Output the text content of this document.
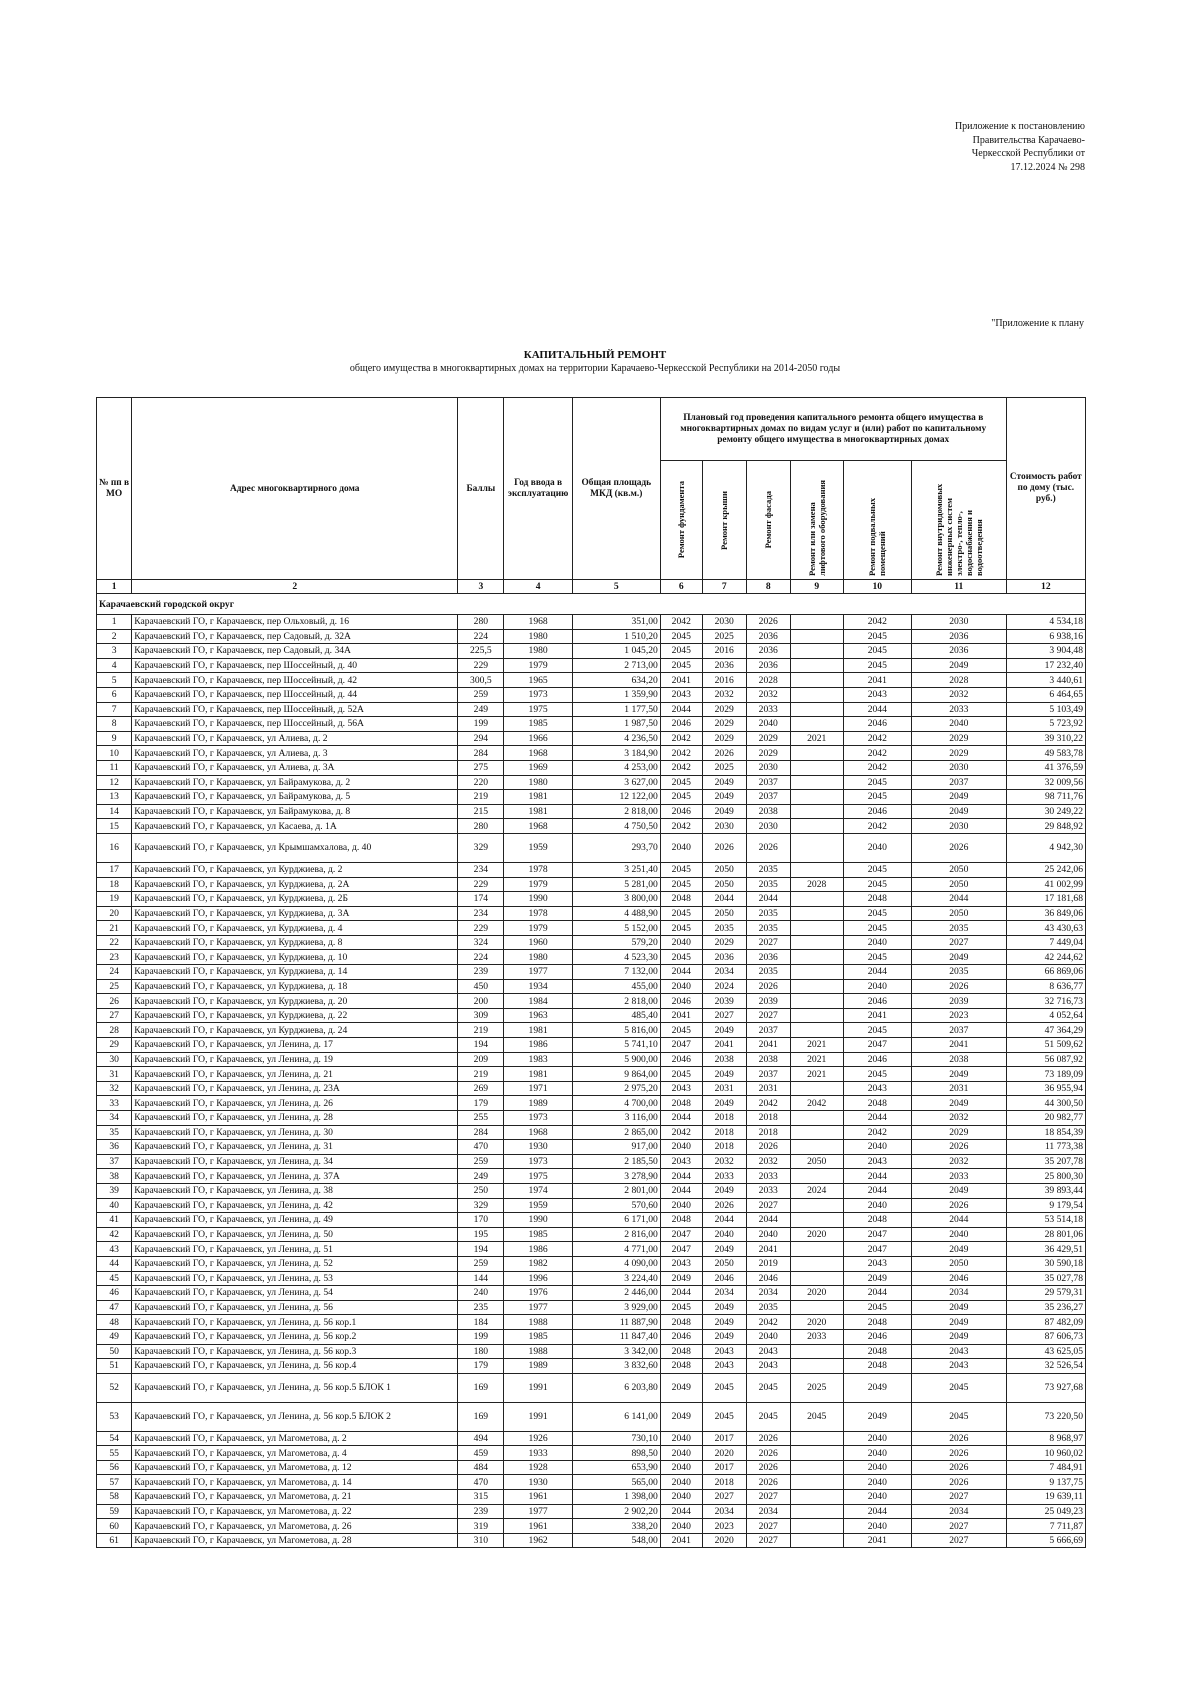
Приложение к постановлению
Правительства Карачаево-
Черкесской Республики от
17.12.2024 № 298
"Приложение к плану
КАПИТАЛЬНЫЙ РЕМОНТ
общего имущества в многоквартирных домах на территории Карачаево-Черкесской Республики на 2014-2050 годы
№ пп в МО	Адрес многоквартирного дома	Баллы	Год ввода в эксплуатацию	Общая площадь МКД (кв.м.)	Плановый год проведения капитального ремонта общего имущества в многоквартирных домах по видам услуг и (или) работ по капитальному ремонту общего имущества в многоквартирных домах						Стоимость работ по дому (тыс. руб.)

					Ремонт фундамента	Ремонт крыши	Ремонт фасада	Ремонт или замена лифтового оборудования	Ремонт подвальных помещений	Ремонт внутридомовых инженерных систем электро-, тепло-, водоснабжения и водоотведения	

1	2	3	4	5	6	7	8	9	10	11	12
Карачаевский городской округ											
1	Карачаевский ГО, г Карачаевск, пер Ольховый, д. 16	280	1968	351,00	2042	2030	2026		2042	2030	4 534,18
2	Карачаевский ГО, г Карачаевск, пер Садовый, д. 32А	224	1980	1 510,20	2045	2025	2036		2045	2036	6 938,16
3	Карачаевский ГО, г Карачаевск, пер Садовый, д. 34А	225,5	1980	1 045,20	2045	2016	2036		2045	2036	3 904,48
4	Карачаевский ГО, г Карачаевск, пер Шоссейный, д. 40	229	1979	2 713,00	2045	2036	2036		2045	2049	17 232,40
5	Карачаевский ГО, г Карачаевск, пер Шоссейный, д. 42	300,5	1965	634,20	2041	2016	2028		2041	2028	3 440,61
6	Карачаевский ГО, г Карачаевск, пер Шоссейный, д. 44	259	1973	1 359,90	2043	2032	2032		2043	2032	6 464,65
7	Карачаевский ГО, г Карачаевск, пер Шоссейный, д. 52А	249	1975	1 177,50	2044	2029	2033		2044	2033	5 103,49
8	Карачаевский ГО, г Карачаевск, пер Шоссейный, д. 56А	199	1985	1 987,50	2046	2029	2040		2046	2040	5 723,92
9	Карачаевский ГО, г Карачаевск, ул Алиева, д. 2	294	1966	4 236,50	2042	2029	2029	2021	2042	2029	39 310,22
10	Карачаевский ГО, г Карачаевск, ул Алиева, д. 3	284	1968	3 184,90	2042	2026	2029		2042	2029	49 583,78
11	Карачаевский ГО, г Карачаевск, ул Алиева, д. 3А	275	1969	4 253,00	2042	2025	2030		2042	2030	41 376,59
12	Карачаевский ГО, г Карачаевск, ул Байрамукова, д. 2	220	1980	3 627,00	2045	2049	2037		2045	2037	32 009,56
13	Карачаевский ГО, г Карачаевск, ул Байрамукова, д. 5	219	1981	12 122,00	2045	2049	2037		2045	2049	98 711,76
14	Карачаевский ГО, г Карачаевск, ул Байрамукова, д. 8	215	1981	2 818,00	2046	2049	2038		2046	2049	30 249,22
15	Карачаевский ГО, г Карачаевск, ул Касаева, д. 1А	280	1968	4 750,50	2042	2030	2030		2042	2030	29 848,92
16	Карачаевский ГО, г Карачаевск, ул Крымшамхалова, д. 40	329	1959	293,70	2040	2026	2026		2040	2026	4 942,30
17	Карачаевский ГО, г Карачаевск, ул Курджиева, д. 2	234	1978	3 251,40	2045	2050	2035		2045	2050	25 242,06
18	Карачаевский ГО, г Карачаевск, ул Курджиева, д. 2А	229	1979	5 281,00	2045	2050	2035	2028	2045	2050	41 002,99
19	Карачаевский ГО, г Карачаевск, ул Курджиева, д. 2Б	174	1990	3 800,00	2048	2044	2044		2048	2044	17 181,68
20	Карачаевский ГО, г Карачаевск, ул Курджиева, д. 3А	234	1978	4 488,90	2045	2050	2035		2045	2050	36 849,06
21	Карачаевский ГО, г Карачаевск, ул Курджиева, д. 4	229	1979	5 152,00	2045	2035	2035		2045	2035	43 430,63
22	Карачаевский ГО, г Карачаевск, ул Курджиева, д. 8	324	1960	579,20	2040	2029	2027		2040	2027	7 449,04
23	Карачаевский ГО, г Карачаевск, ул Курджиева, д. 10	224	1980	4 523,30	2045	2036	2036		2045	2049	42 244,62
24	Карачаевский ГО, г Карачаевск, ул Курджиева, д. 14	239	1977	7 132,00	2044	2034	2035		2044	2035	66 869,06
25	Карачаевский ГО, г Карачаевск, ул Курджиева, д. 18	450	1934	455,00	2040	2024	2026		2040	2026	8 636,77
26	Карачаевский ГО, г Карачаевск, ул Курджиева, д. 20	200	1984	2 818,00	2046	2039	2039		2046	2039	32 716,73
27	Карачаевский ГО, г Карачаевск, ул Курджиева, д. 22	309	1963	485,40	2041	2027	2027		2041	2023	4 052,64
28	Карачаевский ГО, г Карачаевск, ул Курджиева, д. 24	219	1981	5 816,00	2045	2049	2037		2045	2037	47 364,29
29	Карачаевский ГО, г Карачаевск, ул Ленина, д. 17	194	1986	5 741,10	2047	2041	2041	2021	2047	2041	51 509,62
30	Карачаевский ГО, г Карачаевск, ул Ленина, д. 19	209	1983	5 900,00	2046	2038	2038	2021	2046	2038	56 087,92
31	Карачаевский ГО, г Карачаевск, ул Ленина, д. 21	219	1981	9 864,00	2045	2049	2037	2021	2045	2049	73 189,09
32	Карачаевский ГО, г Карачаевск, ул Ленина, д. 23А	269	1971	2 975,20	2043	2031	2031		2043	2031	36 955,94
33	Карачаевский ГО, г Карачаевск, ул Ленина, д. 26	179	1989	4 700,00	2048	2049	2042	2042	2048	2049	44 300,50
34	Карачаевский ГО, г Карачаевск, ул Ленина, д. 28	255	1973	3 116,00	2044	2018	2018		2044	2032	20 982,77
35	Карачаевский ГО, г Карачаевск, ул Ленина, д. 30	284	1968	2 865,00	2042	2018	2018		2042	2029	18 854,39
36	Карачаевский ГО, г Карачаевск, ул Ленина, д. 31	470	1930	917,00	2040	2018	2026		2040	2026	11 773,38
37	Карачаевский ГО, г Карачаевск, ул Ленина, д. 34	259	1973	2 185,50	2043	2032	2032	2050	2043	2032	35 207,78
38	Карачаевский ГО, г Карачаевск, ул Ленина, д. 37А	249	1975	3 278,90	2044	2033	2033		2044	2033	25 800,30
39	Карачаевский ГО, г Карачаевск, ул Ленина, д. 38	250	1974	2 801,00	2044	2049	2033	2024	2044	2049	39 893,44
40	Карачаевский ГО, г Карачаевск, ул Ленина, д. 42	329	1959	570,60	2040	2026	2027		2040	2026	9 179,54
41	Карачаевский ГО, г Карачаевск, ул Ленина, д. 49	170	1990	6 171,00	2048	2044	2044		2048	2044	53 514,18
42	Карачаевский ГО, г Карачаевск, ул Ленина, д. 50	195	1985	2 816,00	2047	2040	2040	2020	2047	2040	28 801,06
43	Карачаевский ГО, г Карачаевск, ул Ленина, д. 51	194	1986	4 771,00	2047	2049	2041		2047	2049	36 429,51
44	Карачаевский ГО, г Карачаевск, ул Ленина, д. 52	259	1982	4 090,00	2043	2050	2019		2043	2050	30 590,18
45	Карачаевский ГО, г Карачаевск, ул Ленина, д. 53	144	1996	3 224,40	2049	2046	2046		2049	2046	35 027,78
46	Карачаевский ГО, г Карачаевск, ул Ленина, д. 54	240	1976	2 446,00	2044	2034	2034	2020	2044	2034	29 579,31
47	Карачаевский ГО, г Карачаевск, ул Ленина, д. 56	235	1977	3 929,00	2045	2049	2035		2045	2049	35 236,27
48	Карачаевский ГО, г Карачаевск, ул Ленина, д. 56 кор.1	184	1988	11 887,90	2048	2049	2042	2020	2048	2049	87 482,09
49	Карачаевский ГО, г Карачаевск, ул Ленина, д. 56 кор.2	199	1985	11 847,40	2046	2049	2040	2033	2046	2049	87 606,73
50	Карачаевский ГО, г Карачаевск, ул Ленина, д. 56 кор.3	180	1988	3 342,00	2048	2043	2043		2048	2043	43 625,05
51	Карачаевский ГО, г Карачаевск, ул Ленина, д. 56 кор.4	179	1989	3 832,60	2048	2043	2043		2048	2043	32 526,54
52	Карачаевский ГО, г Карачаевск, ул Ленина, д. 56 кор.5 БЛОК 1	169	1991	6 203,80	2049	2045	2045	2025	2049	2045	73 927,68
53	Карачаевский ГО, г Карачаевск, ул Ленина, д. 56 кор.5 БЛОК 2	169	1991	6 141,00	2049	2045	2045	2045	2049	2045	73 220,50
54	Карачаевский ГО, г Карачаевск, ул Магометова, д. 2	494	1926	730,10	2040	2017	2026		2040	2026	8 968,97
55	Карачаевский ГО, г Карачаевск, ул Магометова, д. 4	459	1933	898,50	2040	2020	2026		2040	2026	10 960,02
56	Карачаевский ГО, г Карачаевск, ул Магометова, д. 12	484	1928	653,90	2040	2017	2026		2040	2026	7 484,91
57	Карачаевский ГО, г Карачаевск, ул Магометова, д. 14	470	1930	565,00	2040	2018	2026		2040	2026	9 137,75
58	Карачаевский ГО, г Карачаевск, ул Магометова, д. 21	315	1961	1 398,00	2040	2027	2027		2040	2027	19 639,11
59	Карачаевский ГО, г Карачаевск, ул Магометова, д. 22	239	1977	2 902,20	2044	2034	2034		2044	2034	25 049,23
60	Карачаевский ГО, г Карачаевск, ул Магометова, д. 26	319	1961	338,20	2040	2023	2027		2040	2027	7 711,87
61	Карачаевский ГО, г Карачаевск, ул Магометова, д. 28	310	1962	548,00	2041	2020	2027		2041	2027	5 666,69
